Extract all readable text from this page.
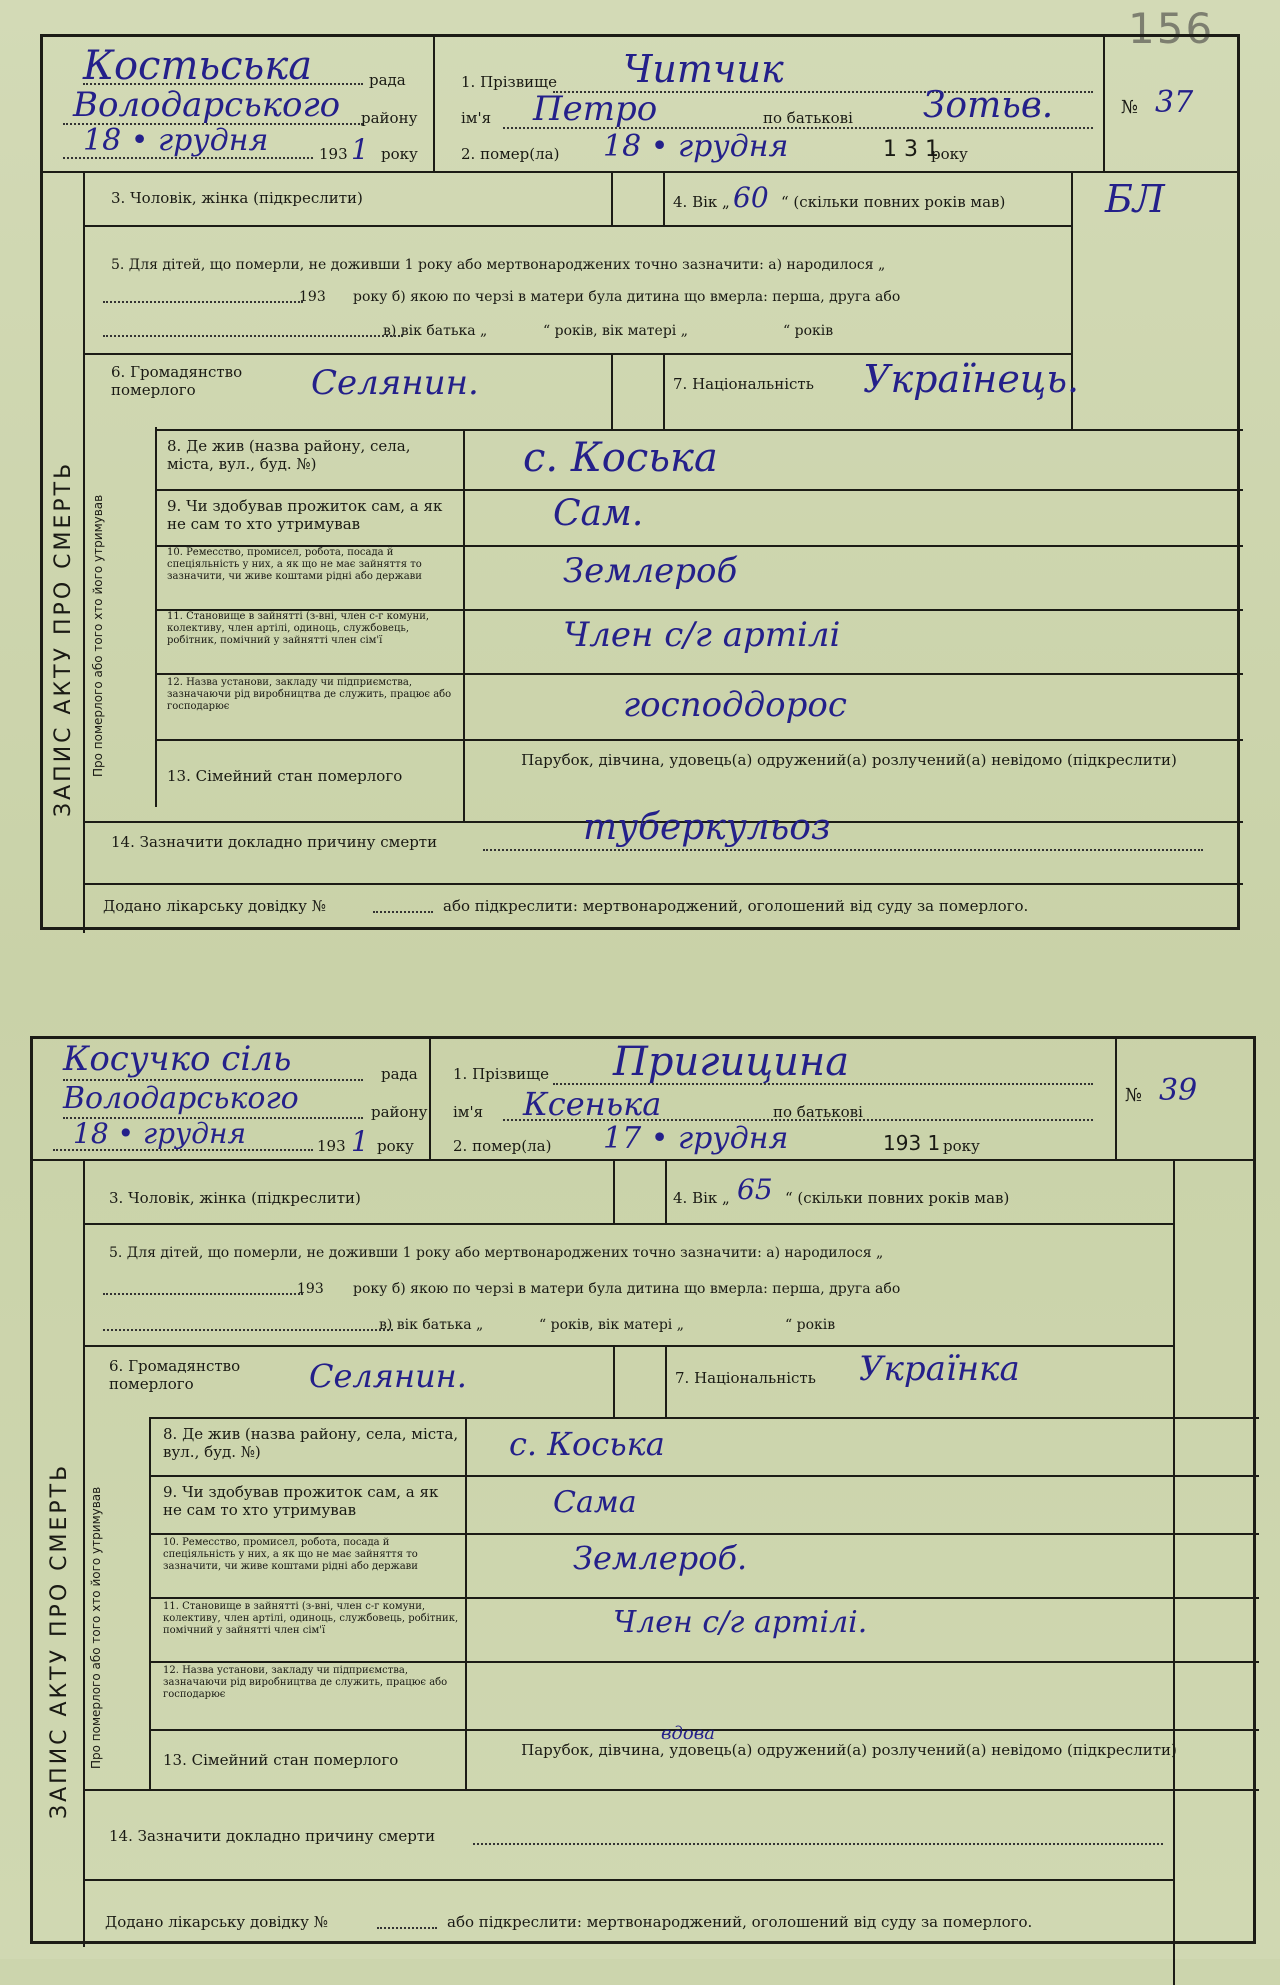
156
Костьська	рада
Володарського району
18 • грудня	193 1 року
1. Прізвище Читчик
ім'я Петро	по батькові Зотьв.
2. помер(ла) 18 • грудня	1 3 1
року
№ 37
ЗАПИС АКТУ ПРО СМЕРТЬ Про померлого або того хто його утримував
3. Чоловік, жінка (підкреслити)	4. Вік „ 60 “ (скільки повних років мав)	БЛ
5. Для дітей, що померли, не доживши 1 року або мертвонароджених точно зазначити: а) народилося „
193 року б) якою по черзі в матери була дитина що вмерла: перша, друга або
в) вік батька „	“ років, вік матері „	“ років
6. Громадянство померлого	Селянин.	7. Національність Українець.
8. Де жив (назва району, села, міста, вул., буд. №)	с. Коська
9. Чи здобував прожиток сам, а як не сам то хто утримував	Сам.
10. Ремесство, промисел, робота, посада й спеціяльність у них, а як що не має зайняття то зазначити, чи живе коштами рідні або держави	Землероб
11. Становище в зайнятті (з-вні, член с-г комуни, колективу, член артілі, одиноць, службовець, робітник, помічний у зайнятті член сім'ї	Член с/г артілі
12. Назва установи, закладу чи підприємства, зазначаючи рід виробництва де служить, працює або господарює	господдорос
13. Сімейний стан померлого
Парубок, дівчина, удовець(а) одружений(а) розлучений(а) невідомо (підкреслити)
14. Зазначити докладно причину смерти	туберкульоз
Додано лікарську довідку №	або підкреслити: мертвонароджений, оголошений від суду за померлого.
Косучко сіль	рада
Володарського	району
18 • грудня	193 1 року
1. Прізвище Пригицина
ім'я Ксенька	по батькові
2. помер(ла) 17 • грудня	193 1 року
№ 39
ЗАПИС АКТУ ПРО СМЕРТЬ Про померлого або того хто його утримував
3. Чоловік, жінка (підкреслити)	4. Вік „ 65 “ (скільки повних років мав)
5. Для дітей, що померли, не доживши 1 року або мертвонароджених точно зазначити: а) народилося „
193 року б) якою по черзі в матери була дитина що вмерла: перша, друга або
в) вік батька „	“ років, вік матері „	“ років
6. Громадянство померлого	Селянин.	7. Національність Українка
8. Де жив (назва району, села, міста, вул., буд. №)	с. Коська
9. Чи здобував прожиток сам, а як не сам то хто утримував	Сама
10. Ремесство, промисел, робота, посада й спеціяльність у них, а як що не має зайняття то зазначити, чи живе коштами рідні або держави	Землероб.
11. Становище в зайнятті (з-вні, член с-г комуни, колективу, член артілі, одиноць, службовець, робітник, помічний у зайнятті член сім'ї	Член с/г артілі.
12. Назва установи, закладу чи підприємства, зазначаючи рід виробництва де служить, працює або господарює
13. Сімейний стан померлого
вдова
Парубок, дівчина, удовець(а) одружений(а) розлучений(а) невідомо (підкреслити)
14. Зазначити докладно причину смерти
Додано лікарську довідку №	або підкреслити: мертвонароджений, оголошений від суду за померлого.
